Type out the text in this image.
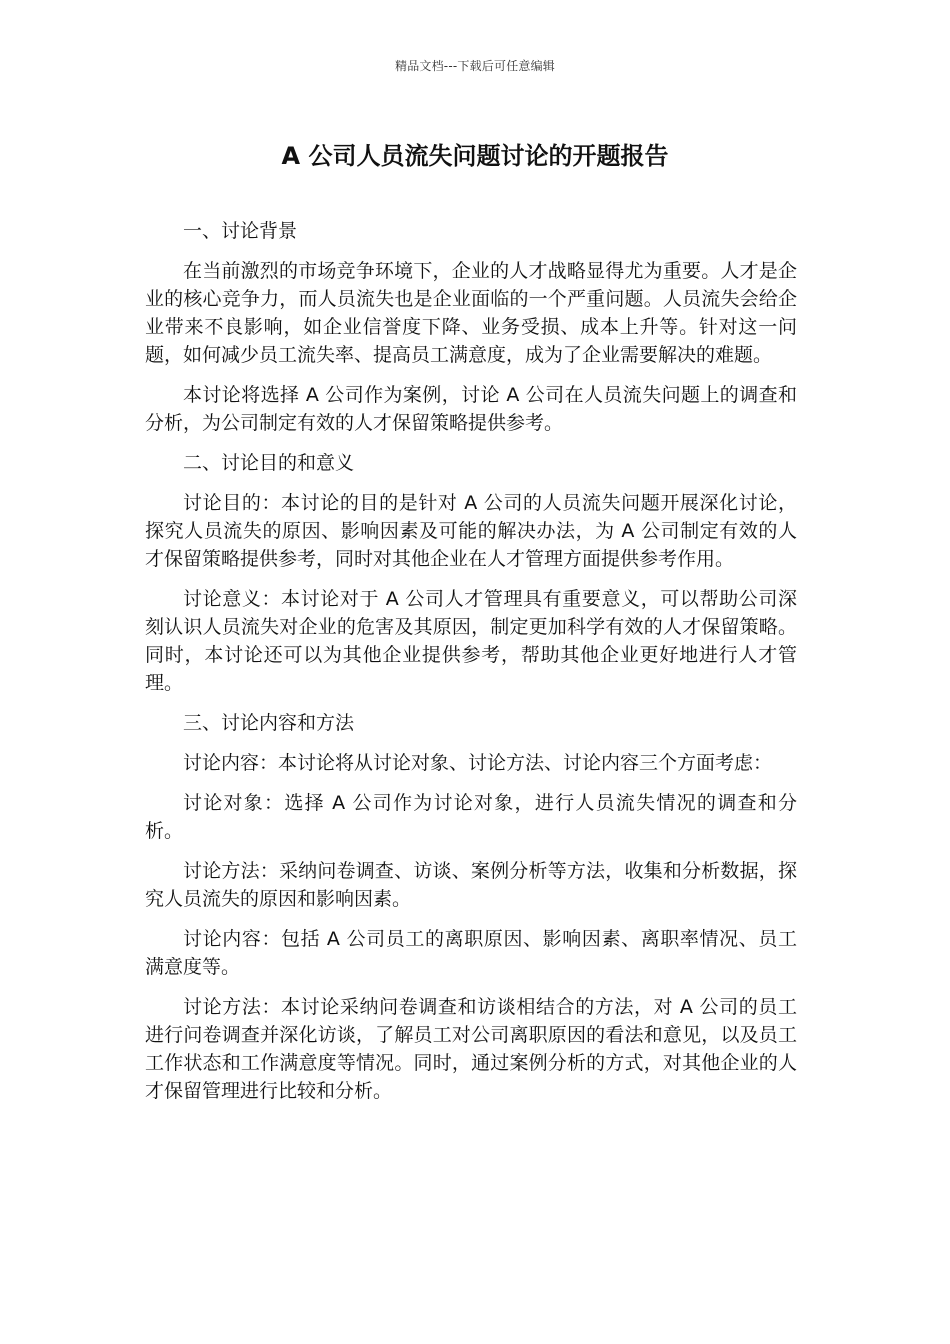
精品文档---下载后可任意编辑
A 公司人员流失问题讨论的开题报告

一、讨论背景

在当前激烈的市场竞争环境下，企业的人才战略显得尤为重要。人才是企业的核心竞争力，而人员流失也是企业面临的一个严重问题。人员流失会给企业带来不良影响，如企业信誉度下降、业务受损、成本上升等。针对这一问题，如何减少员工流失率、提高员工满意度，成为了企业需要解决的难题。

本讨论将选择 A 公司作为案例，讨论 A 公司在人员流失问题上的调查和分析，为公司制定有效的人才保留策略提供参考。

二、讨论目的和意义

讨论目的：本讨论的目的是针对 A 公司的人员流失问题开展深化讨论，探究人员流失的原因、影响因素及可能的解决办法，为 A 公司制定有效的人才保留策略提供参考，同时对其他企业在人才管理方面提供参考作用。

讨论意义：本讨论对于 A 公司人才管理具有重要意义，可以帮助公司深刻认识人员流失对企业的危害及其原因，制定更加科学有效的人才保留策略。同时，本讨论还可以为其他企业提供参考，帮助其他企业更好地进行人才管理。

三、讨论内容和方法

讨论内容：本讨论将从讨论对象、讨论方法、讨论内容三个方面考虑：

讨论对象：选择 A 公司作为讨论对象，进行人员流失情况的调查和分析。

讨论方法：采纳问卷调查、访谈、案例分析等方法，收集和分析数据，探究人员流失的原因和影响因素。

讨论内容：包括 A 公司员工的离职原因、影响因素、离职率情况、员工满意度等。

讨论方法：本讨论采纳问卷调查和访谈相结合的方法，对 A 公司的员工进行问卷调查并深化访谈，了解员工对公司离职原因的看法和意见，以及员工工作状态和工作满意度等情况。同时，通过案例分析的方式，对其他企业的人才保留管理进行比较和分析。
